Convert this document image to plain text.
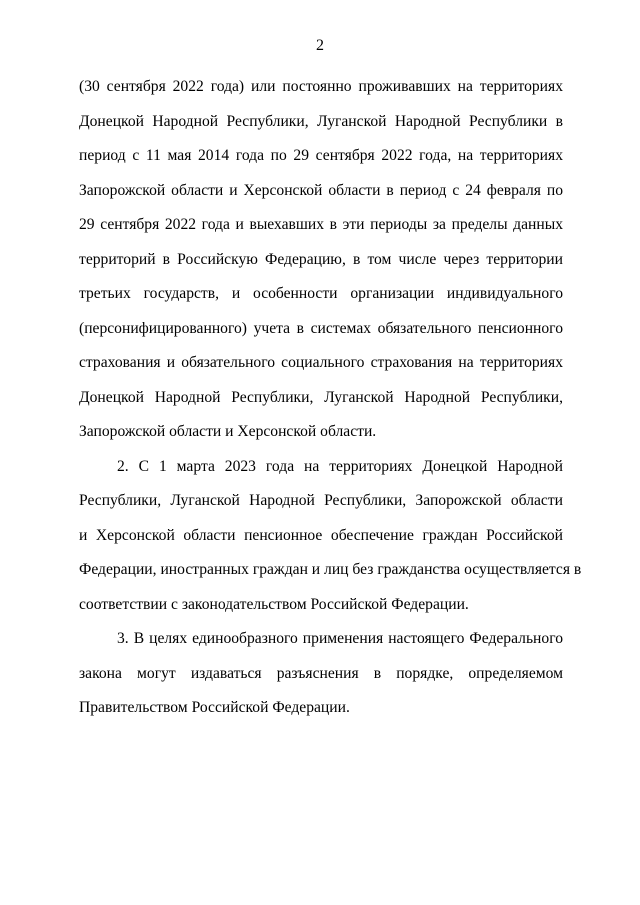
2
(30 сентября 2022 года) или постоянно проживавших на территориях
Донецкой Народной Республики, Луганской Народной Республики в
период с 11 мая 2014 года по 29 сентября 2022 года, на территориях
Запорожской области и Херсонской области в период с 24 февраля по
29 сентября 2022 года и выехавших в эти периоды за пределы данных
территорий в Российскую Федерацию, в том числе через территории
третьих государств, и особенности организации индивидуального
(персонифицированного) учета в системах обязательного пенсионного
страхования и обязательного социального страхования на территориях
Донецкой Народной Республики, Луганской Народной Республики,
Запорожской области и Херсонской области.
2. С 1 марта 2023 года на территориях Донецкой Народной
Республики, Луганской Народной Республики, Запорожской области
и Херсонской области пенсионное обеспечение граждан Российской
Федерации, иностранных граждан и лиц без гражданства осуществляется в
соответствии с законодательством Российской Федерации.
3. В целях единообразного применения настоящего Федерального
закона могут издаваться разъяснения в порядке, определяемом
Правительством Российской Федерации.
